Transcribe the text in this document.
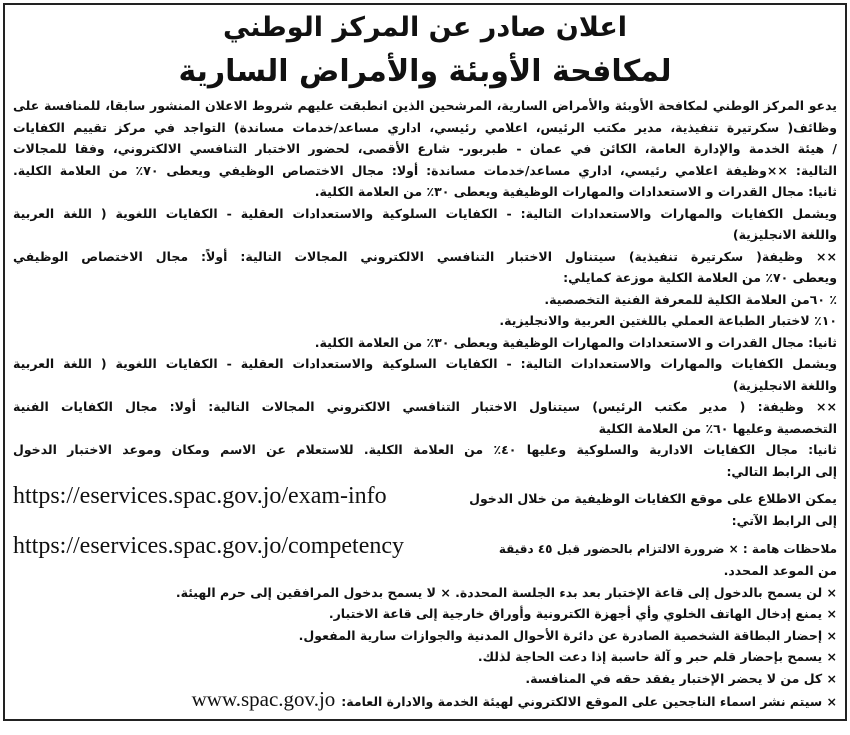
اعلان صادر عن المركز الوطني
لمكافحة الأوبئة والأمراض السارية
يدعو المركز الوطني لمكافحة الأوبئة والأمراض السارية، المرشحين الذين انطبقت عليهم شروط الاعلان المنشور سابقا، للمنافسة على
وظائف( سكرتيرة تنفيذية، مدير مكتب الرئيس، اعلامي رئيسي، اداري مساعد/خدمات مساندة) التواجد في مركز تقييم الكفايات
/ هيئة الخدمة والإدارة العامة، الكائن في عمان - طبربور- شارع الأقصى، لحضور الاختبار التنافسي الالكتروني، وفقا للمجالات
التالية: ××وظيفة اعلامي رئيسي، اداري مساعد/خدمات مساندة: أولا: مجال الاختصاص الوظيفي ويعطى ٧٠٪ من العلامة الكلية.
ثانيا: مجال القدرات و الاستعدادات والمهارات الوظيفية ويعطى ٣٠٪ من العلامة الكلية.
ويشمل الكفايات والمهارات والاستعدادات التالية: - الكفايات السلوكية والاستعدادات العقلية - الكفايات اللغوية ( اللغة العربية
واللغة الانجليزية)
×× وظيفة( سكرتيرة تنفيذية) سيتناول الاختبار التنافسي الالكتروني المجالات التالية: أولاً: مجال الاختصاص الوظيفي
ويعطى ٧٠٪ من العلامة الكلية موزعة كمايلي:
٪ ٦٠من العلامة الكلية للمعرفة الفنية التخصصية.
١٠٪ لاختبار الطباعة العملي باللغتين العربية والانجليزية.
ثانيا: مجال القدرات و الاستعدادات والمهارات الوظيفية ويعطى ٣٠٪ من العلامة الكلية.
ويشمل الكفايات والمهارات والاستعدادات التالية: - الكفايات السلوكية والاستعدادات العقلية - الكفايات اللغوية ( اللغة العربية
واللغة الانجليزية)
×× وظيفة: ( مدير مكتب الرئيس) سيتناول الاختبار التنافسي الالكتروني المجالات التالية: أولا: مجال الكفايات الفنية
التخصصية وعليها ٦٠٪ من العلامة الكلية
ثانيا: مجال الكفايات الادارية والسلوكية وعليها ٤٠٪ من العلامة الكلية. للاستعلام عن الاسم ومكان وموعد الاختبار الدخول
إلى الرابط التالي:
يمكن الاطلاع على موقع الكفايات الوظيفية من خلال الدخول
https://eservices.spac.gov.jo/exam-info
إلى الرابط الآتي:
ملاحظات هامة : × ضرورة الالتزام بالحضور قبل ٤٥ دقيقة
https://eservices.spac.gov.jo/competency
من الموعد المحدد.
× لن يسمح بالدخول إلى قاعة الإختبار بعد بدء الجلسة المحددة. × لا يسمح بدخول المرافقين إلى حرم الهيئة.
× يمنع إدخال الهاتف الخلوي وأي أجهزة الكترونية وأوراق خارجية إلى قاعة الاختبار.
× إحضار البطاقة الشخصية الصادرة عن دائرة الأحوال المدنية والجوازات سارية المفعول.
× يسمح بإحضار قلم حبر و آلة حاسبة إذا دعت الحاجة لذلك.
× كل من لا يحضر الإختبار يفقد حقه في المنافسة.
× سيتم نشر اسماء الناجحين على الموقع الالكتروني لهيئة الخدمة والادارة العامة:
www.spac.gov.jo
